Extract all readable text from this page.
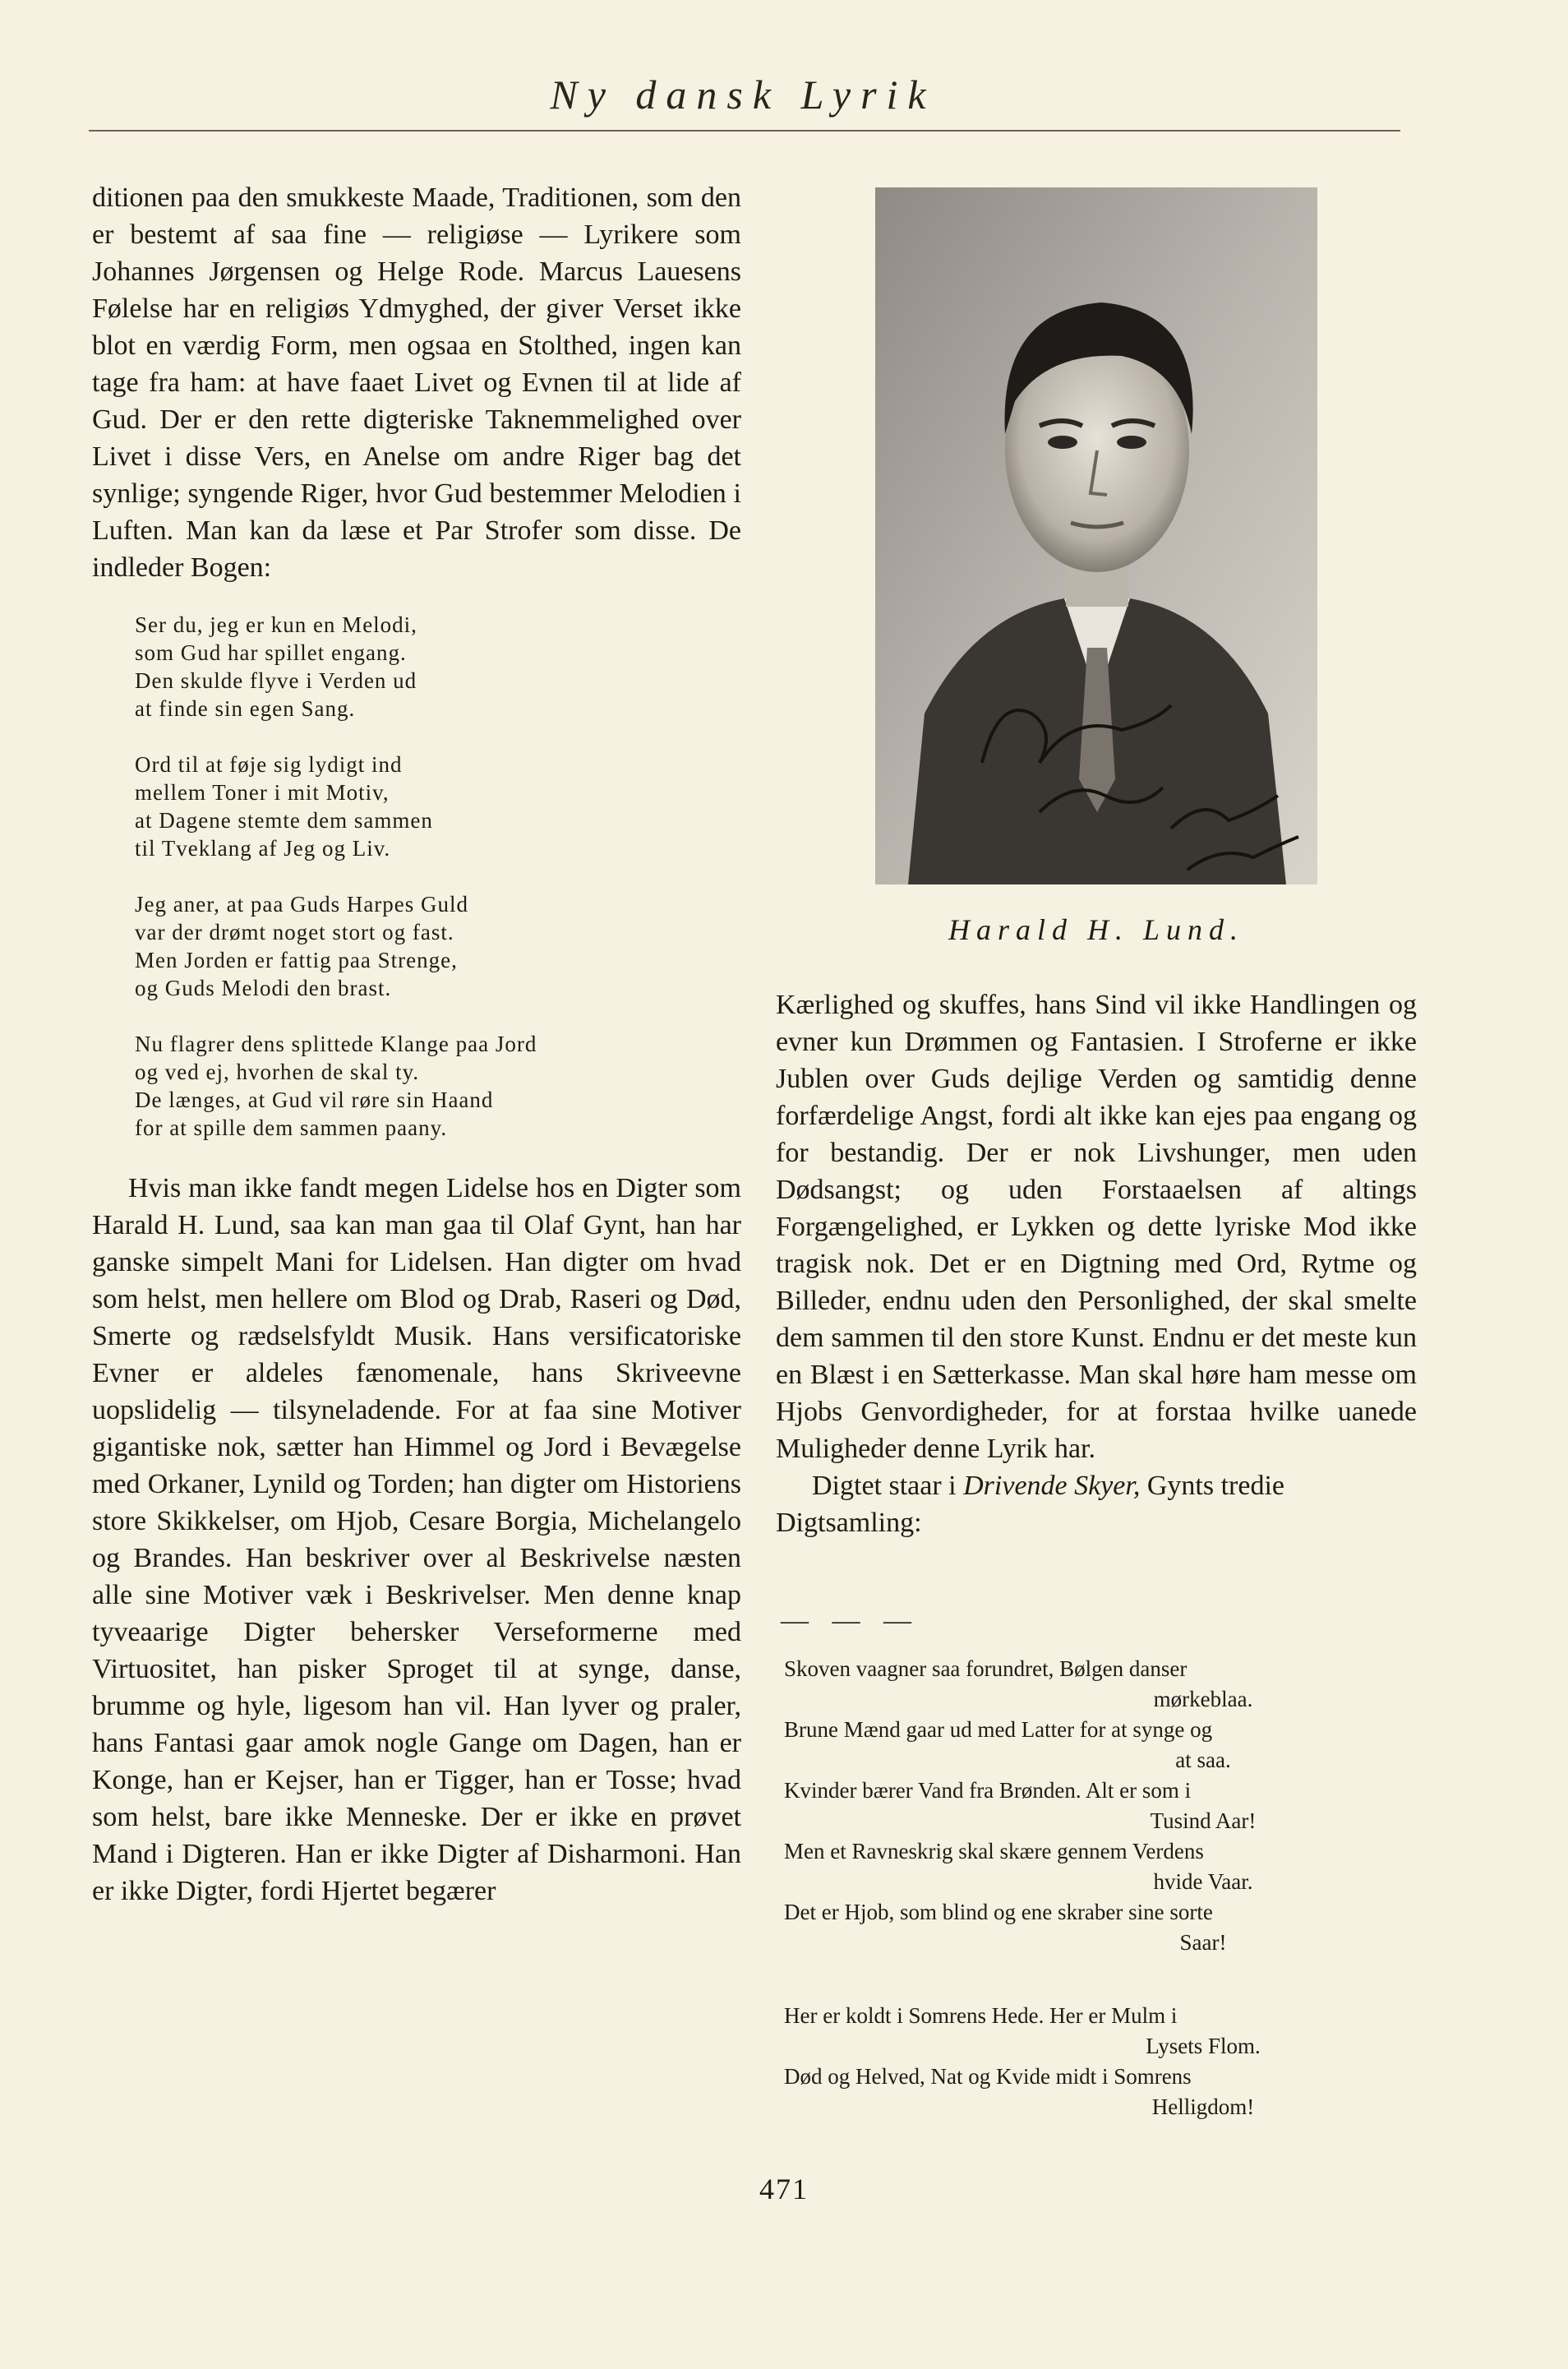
Ny dansk Lyrik

ditionen paa den smukkeste Maade, Traditionen, som den er bestemt af saa fine — religiøse — Lyrikere som Johannes Jørgensen og Helge Rode. Marcus Lauesens Følelse har en religiøs Ydmyghed, der giver Verset ikke blot en værdig Form, men ogsaa en Stolthed, ingen kan tage fra ham: at have faaet Livet og Evnen til at lide af Gud. Der er den rette digteriske Taknemmelighed over Livet i disse Vers, en Anelse om andre Riger bag det synlige; syngende Riger, hvor Gud bestemmer Melodien i Luften. Man kan da læse et Par Strofer som disse. De indleder Bogen:

Ser du, jeg er kun en Melodi,
som Gud har spillet engang.
Den skulde flyve i Verden ud
at finde sin egen Sang.
Ord til at føje sig lydigt ind
mellem Toner i mit Motiv,
at Dagene stemte dem sammen
til Tveklang af Jeg og Liv.
Jeg aner, at paa Guds Harpes Guld
var der drømt noget stort og fast.
Men Jorden er fattig paa Strenge,
og Guds Melodi den brast.
Nu flagrer dens splittede Klange paa Jord
og ved ej, hvorhen de skal ty.
De længes, at Gud vil røre sin Haand
for at spille dem sammen paany.

Hvis man ikke fandt megen Lidelse hos en Digter som Harald H. Lund, saa kan man gaa til Olaf Gynt, han har ganske simpelt Mani for Lidelsen. Han digter om hvad som helst, men hellere om Blod og Drab, Raseri og Død, Smerte og rædselsfyldt Musik. Hans versificatoriske Evner er aldeles fænomenale, hans Skriveevne uopslidelig — tilsyneladende. For at faa sine Motiver gigantiske nok, sætter han Himmel og Jord i Bevægelse med Orkaner, Lynild og Torden; han digter om Historiens store Skikkelser, om Hjob, Cesare Borgia, Michelangelo og Brandes. Han beskriver over al Beskrivelse næsten alle sine Motiver væk i Beskrivelser. Men denne knap tyveaarige Digter behersker Verseformerne med Virtuositet, han pisker Sproget til at synge, danse, brumme og hyle, ligesom han vil. Han lyver og praler, hans Fantasi gaar amok nogle Gange om Dagen, han er Konge, han er Kejser, han er Tigger, han er Tosse; hvad som helst, bare ikke Menneske. Der er ikke en prøvet Mand i Digteren. Han er ikke Digter af Disharmoni. Han er ikke Digter, fordi Hjertet begærer

Harald H. Lund.

Kærlighed og skuffes, hans Sind vil ikke Handlingen og evner kun Drømmen og Fantasien. I Stroferne er ikke Jublen over Guds dejlige Verden og samtidig denne forfærdelige Angst, fordi alt ikke kan ejes paa engang og for bestandig. Der er nok Livshunger, men uden Dødsangst; og uden Forstaaelsen af altings Forgængelighed, er Lykken og dette lyriske Mod ikke tragisk nok. Det er en Digtning med Ord, Rytme og Billeder, endnu uden den Personlighed, der skal smelte dem sammen til den store Kunst. Endnu er det meste kun en Blæst i en Sætterkasse. Man skal høre ham messe om Hjobs Genvordigheder, for at forstaa hvilke uanede Muligheder denne Lyrik har.

Digtet staar i Drivende Skyer, Gynts tredie Digtsamling:

— — —
Skoven vaagner saa forundret, Bølgen danser
mørkeblaa.
Brune Mænd gaar ud med Latter for at synge og
at saa.
Kvinder bærer Vand fra Brønden. Alt er som i
Tusind Aar!
Men et Ravneskrig skal skære gennem Verdens
hvide Vaar.
Det er Hjob, som blind og ene skraber sine sorte
Saar!
Her er koldt i Somrens Hede. Her er Mulm i
Lysets Flom.
Død og Helved, Nat og Kvide midt i Somrens
Helligdom!
471
